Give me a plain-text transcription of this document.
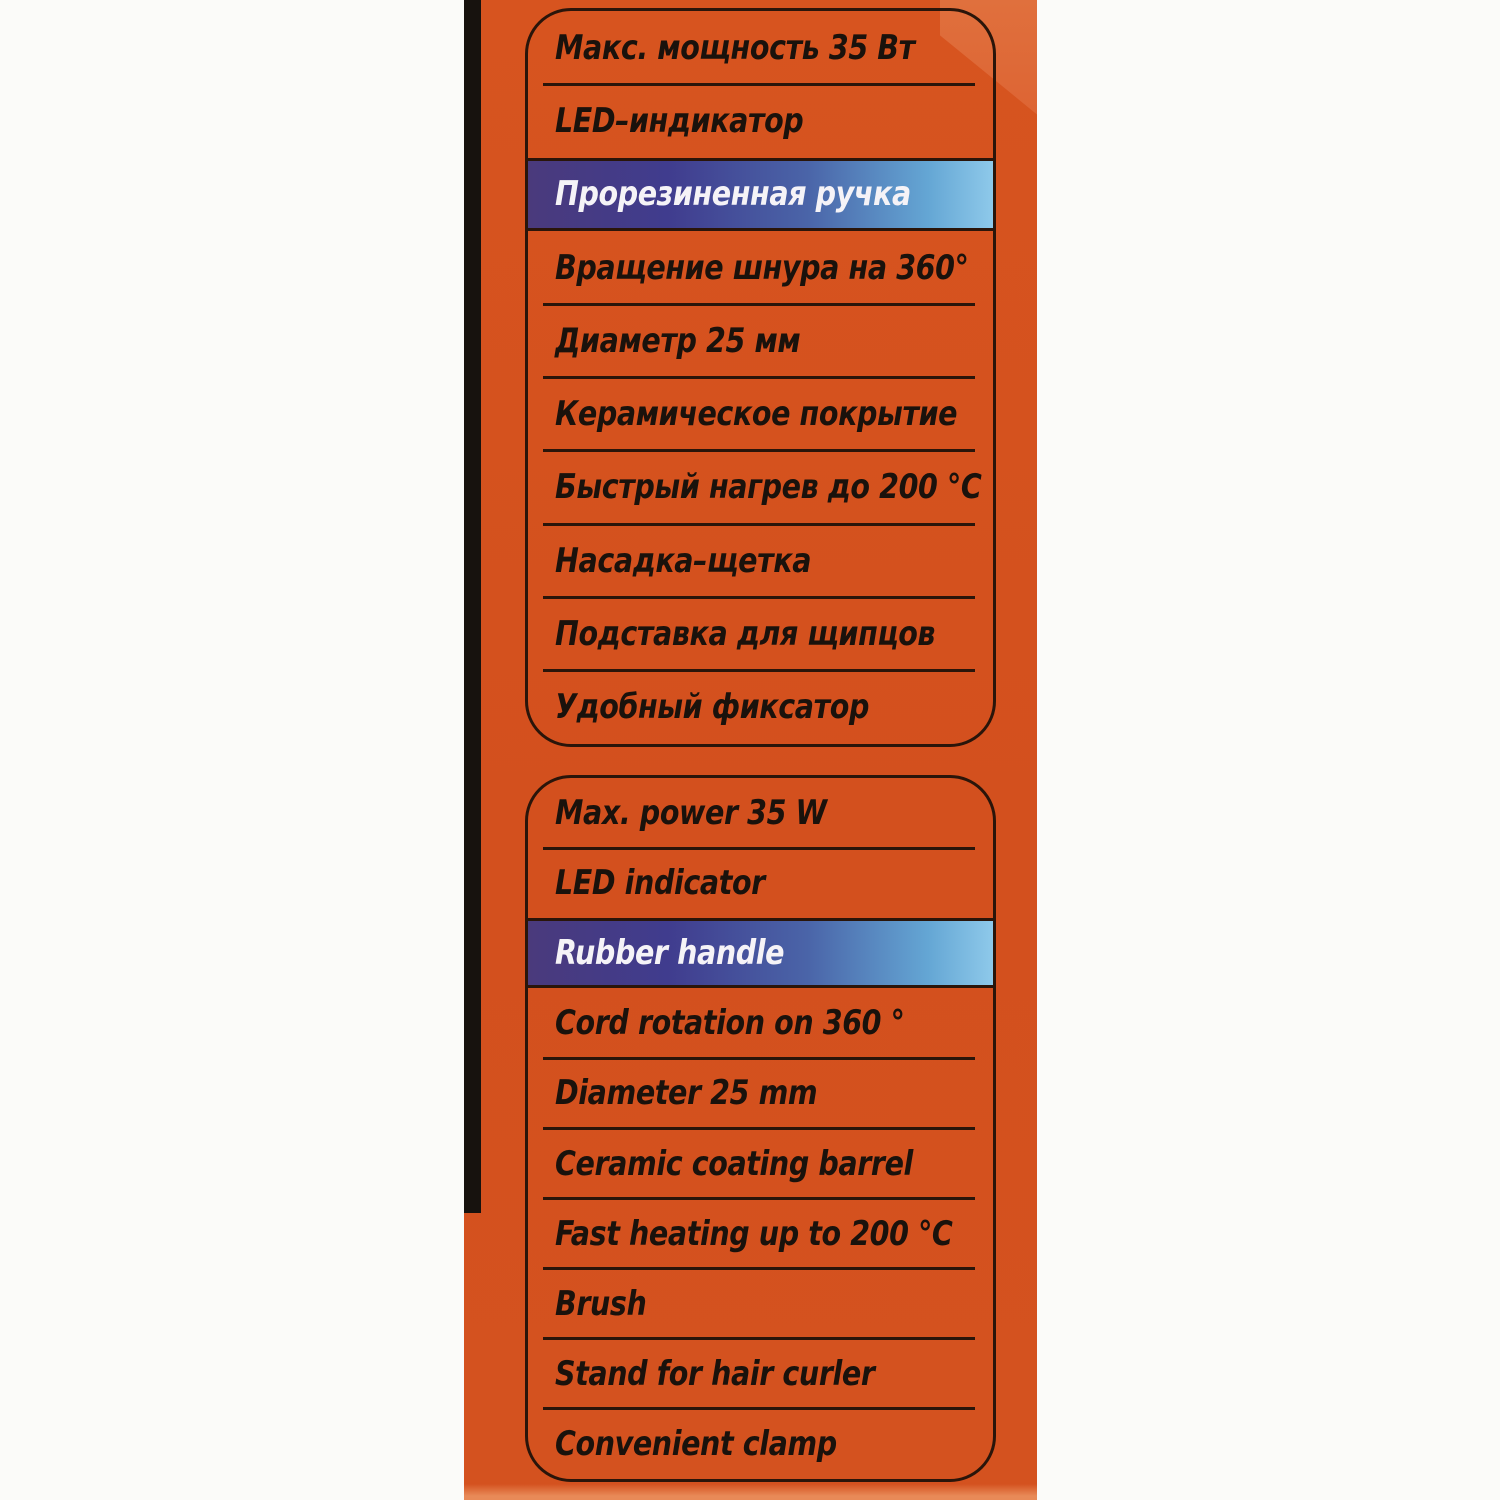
Макс. мощность 35 Вт
LED–индикатор
Прорезиненная ручка
Вращение шнура на 360°
Диаметр 25 мм
Керамическое покрытие
Быстрый нагрев до 200 °C
Насадка–щетка
Подставка для щипцов
Удобный фиксатор
Max. power 35 W
LED indicator
Rubber handle
Cord rotation on 360 °
Diameter 25 mm
Ceramic coating barrel
Fast heating up to 200 °C
Brush
Stand for hair curler
Convenient clamp
